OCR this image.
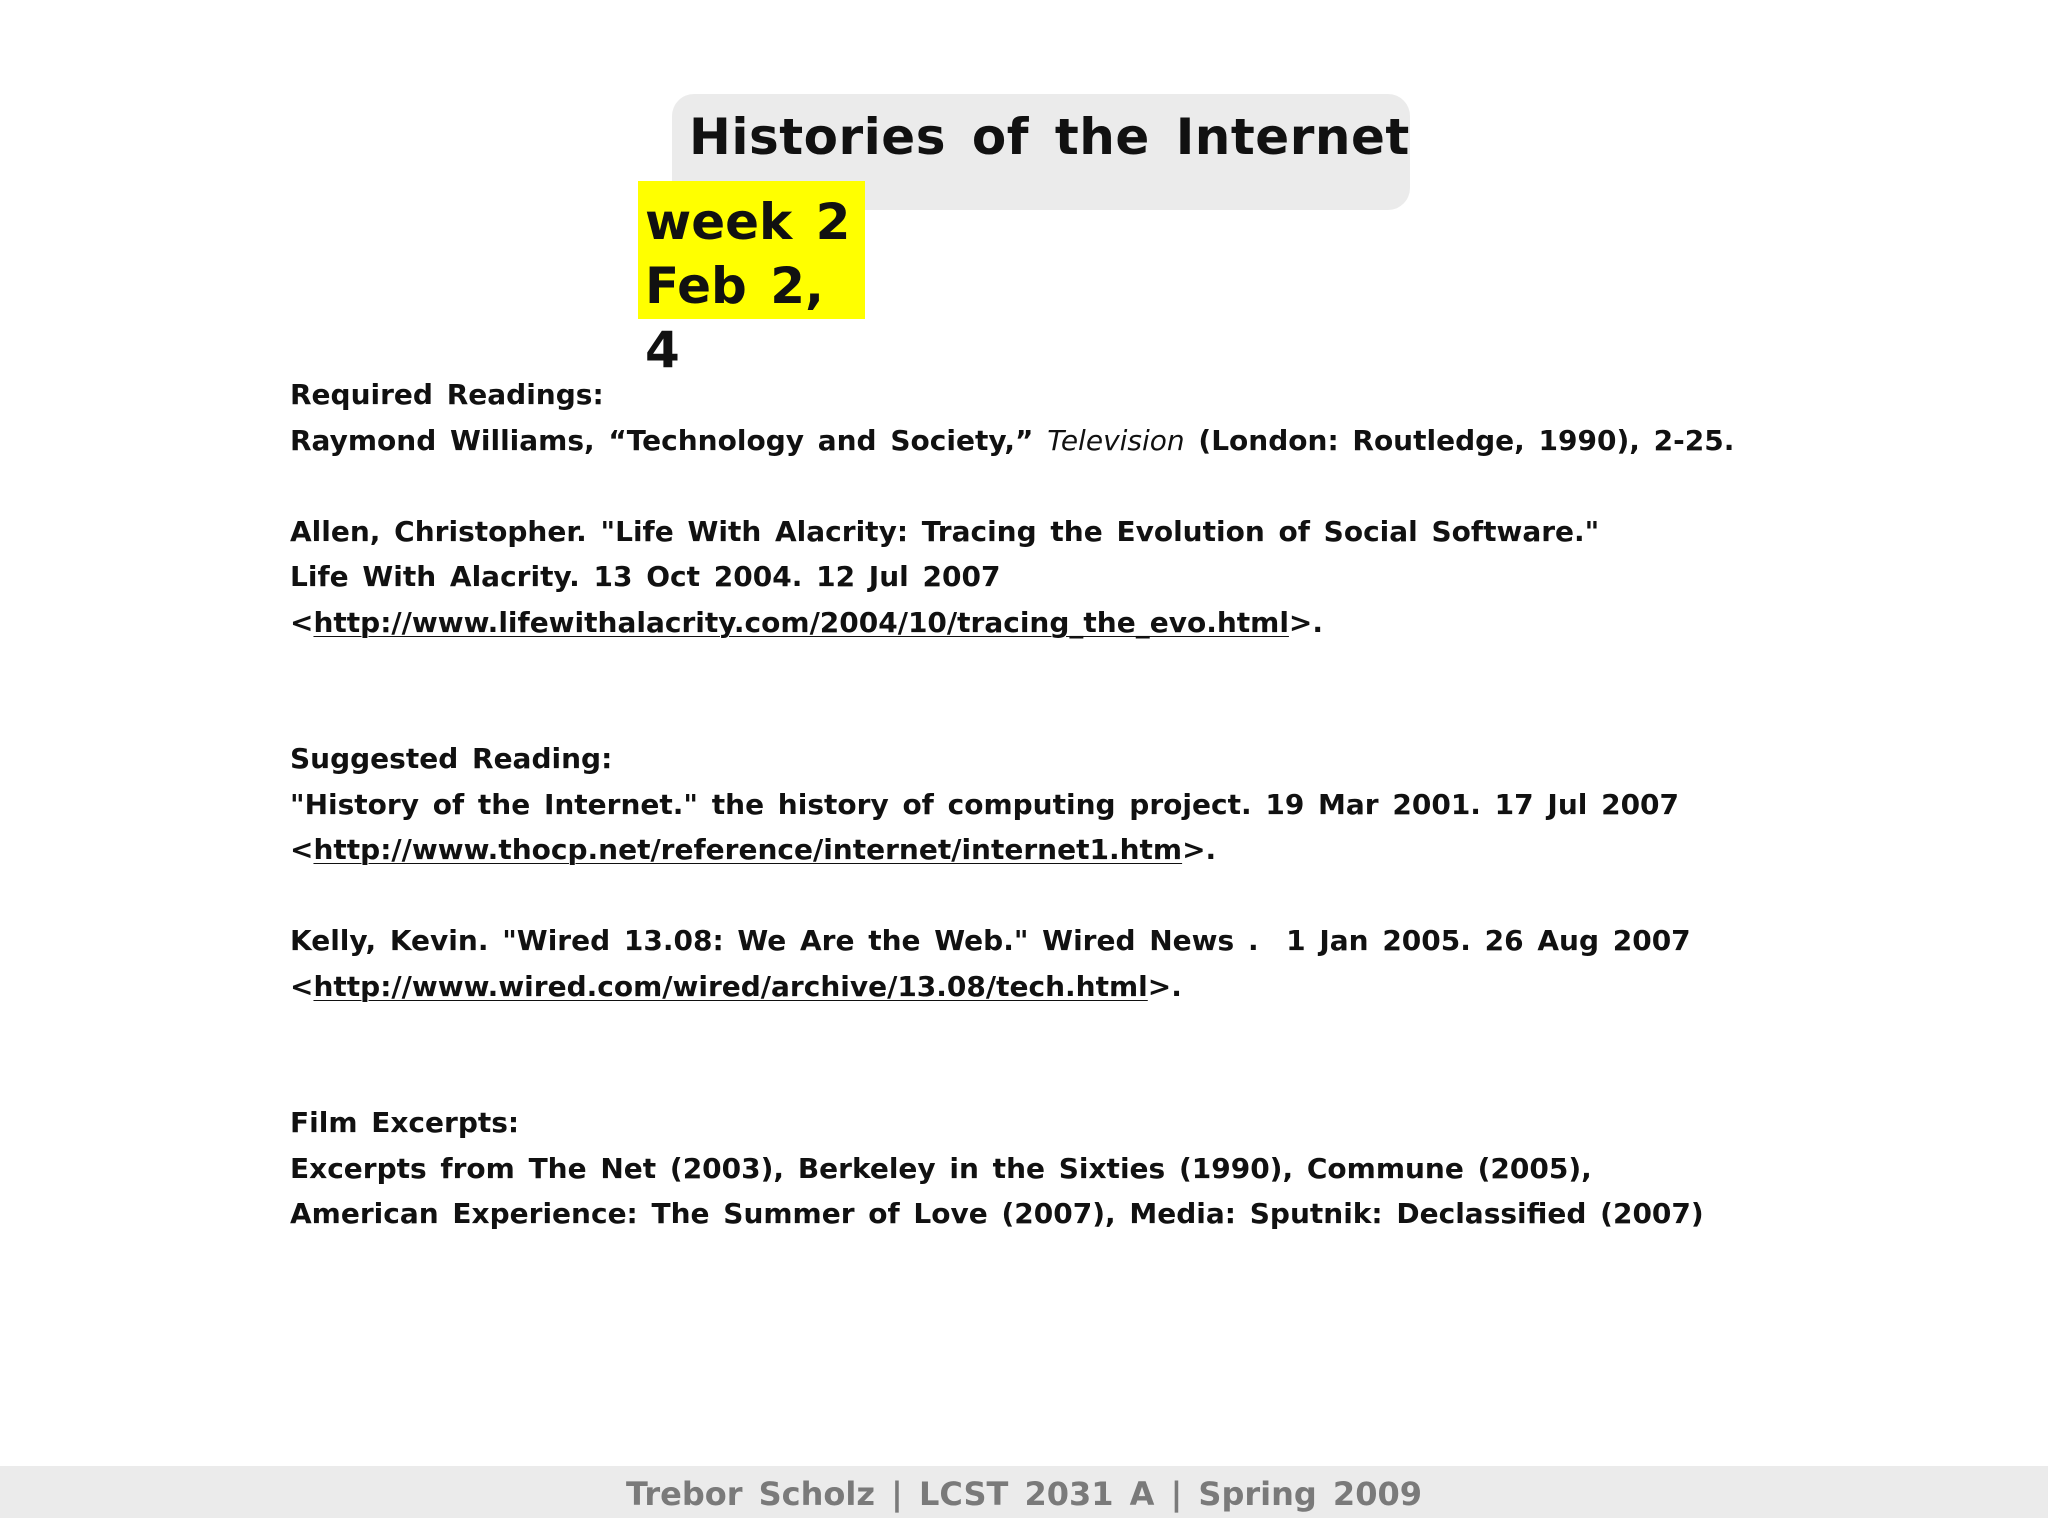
Histories of the Internet
week 2
Feb 2, 4
Required Readings:
Raymond Williams, “Technology and Society,” Television (London: Routledge, 1990), 2-25.
Allen, Christopher. "Life With Alacrity: Tracing the Evolution of Social Software."
Life With Alacrity. 13 Oct 2004. 12 Jul 2007
<http://www.lifewithalacrity.com/2004/10/tracing_the_evo.html>.
Suggested Reading:
"History of the Internet." the history of computing project. 19 Mar 2001. 17 Jul 2007
<http://www.thocp.net/reference/internet/internet1.htm>.
Kelly, Kevin. "Wired 13.08: We Are the Web." Wired News .  1 Jan 2005. 26 Aug 2007
<http://www.wired.com/wired/archive/13.08/tech.html>.
Film Excerpts:
Excerpts from The Net (2003), Berkeley in the Sixties (1990), Commune (2005),
American Experience: The Summer of Love (2007), Media: Sputnik: Declassified (2007)
Trebor Scholz | LCST 2031 A | Spring 2009
